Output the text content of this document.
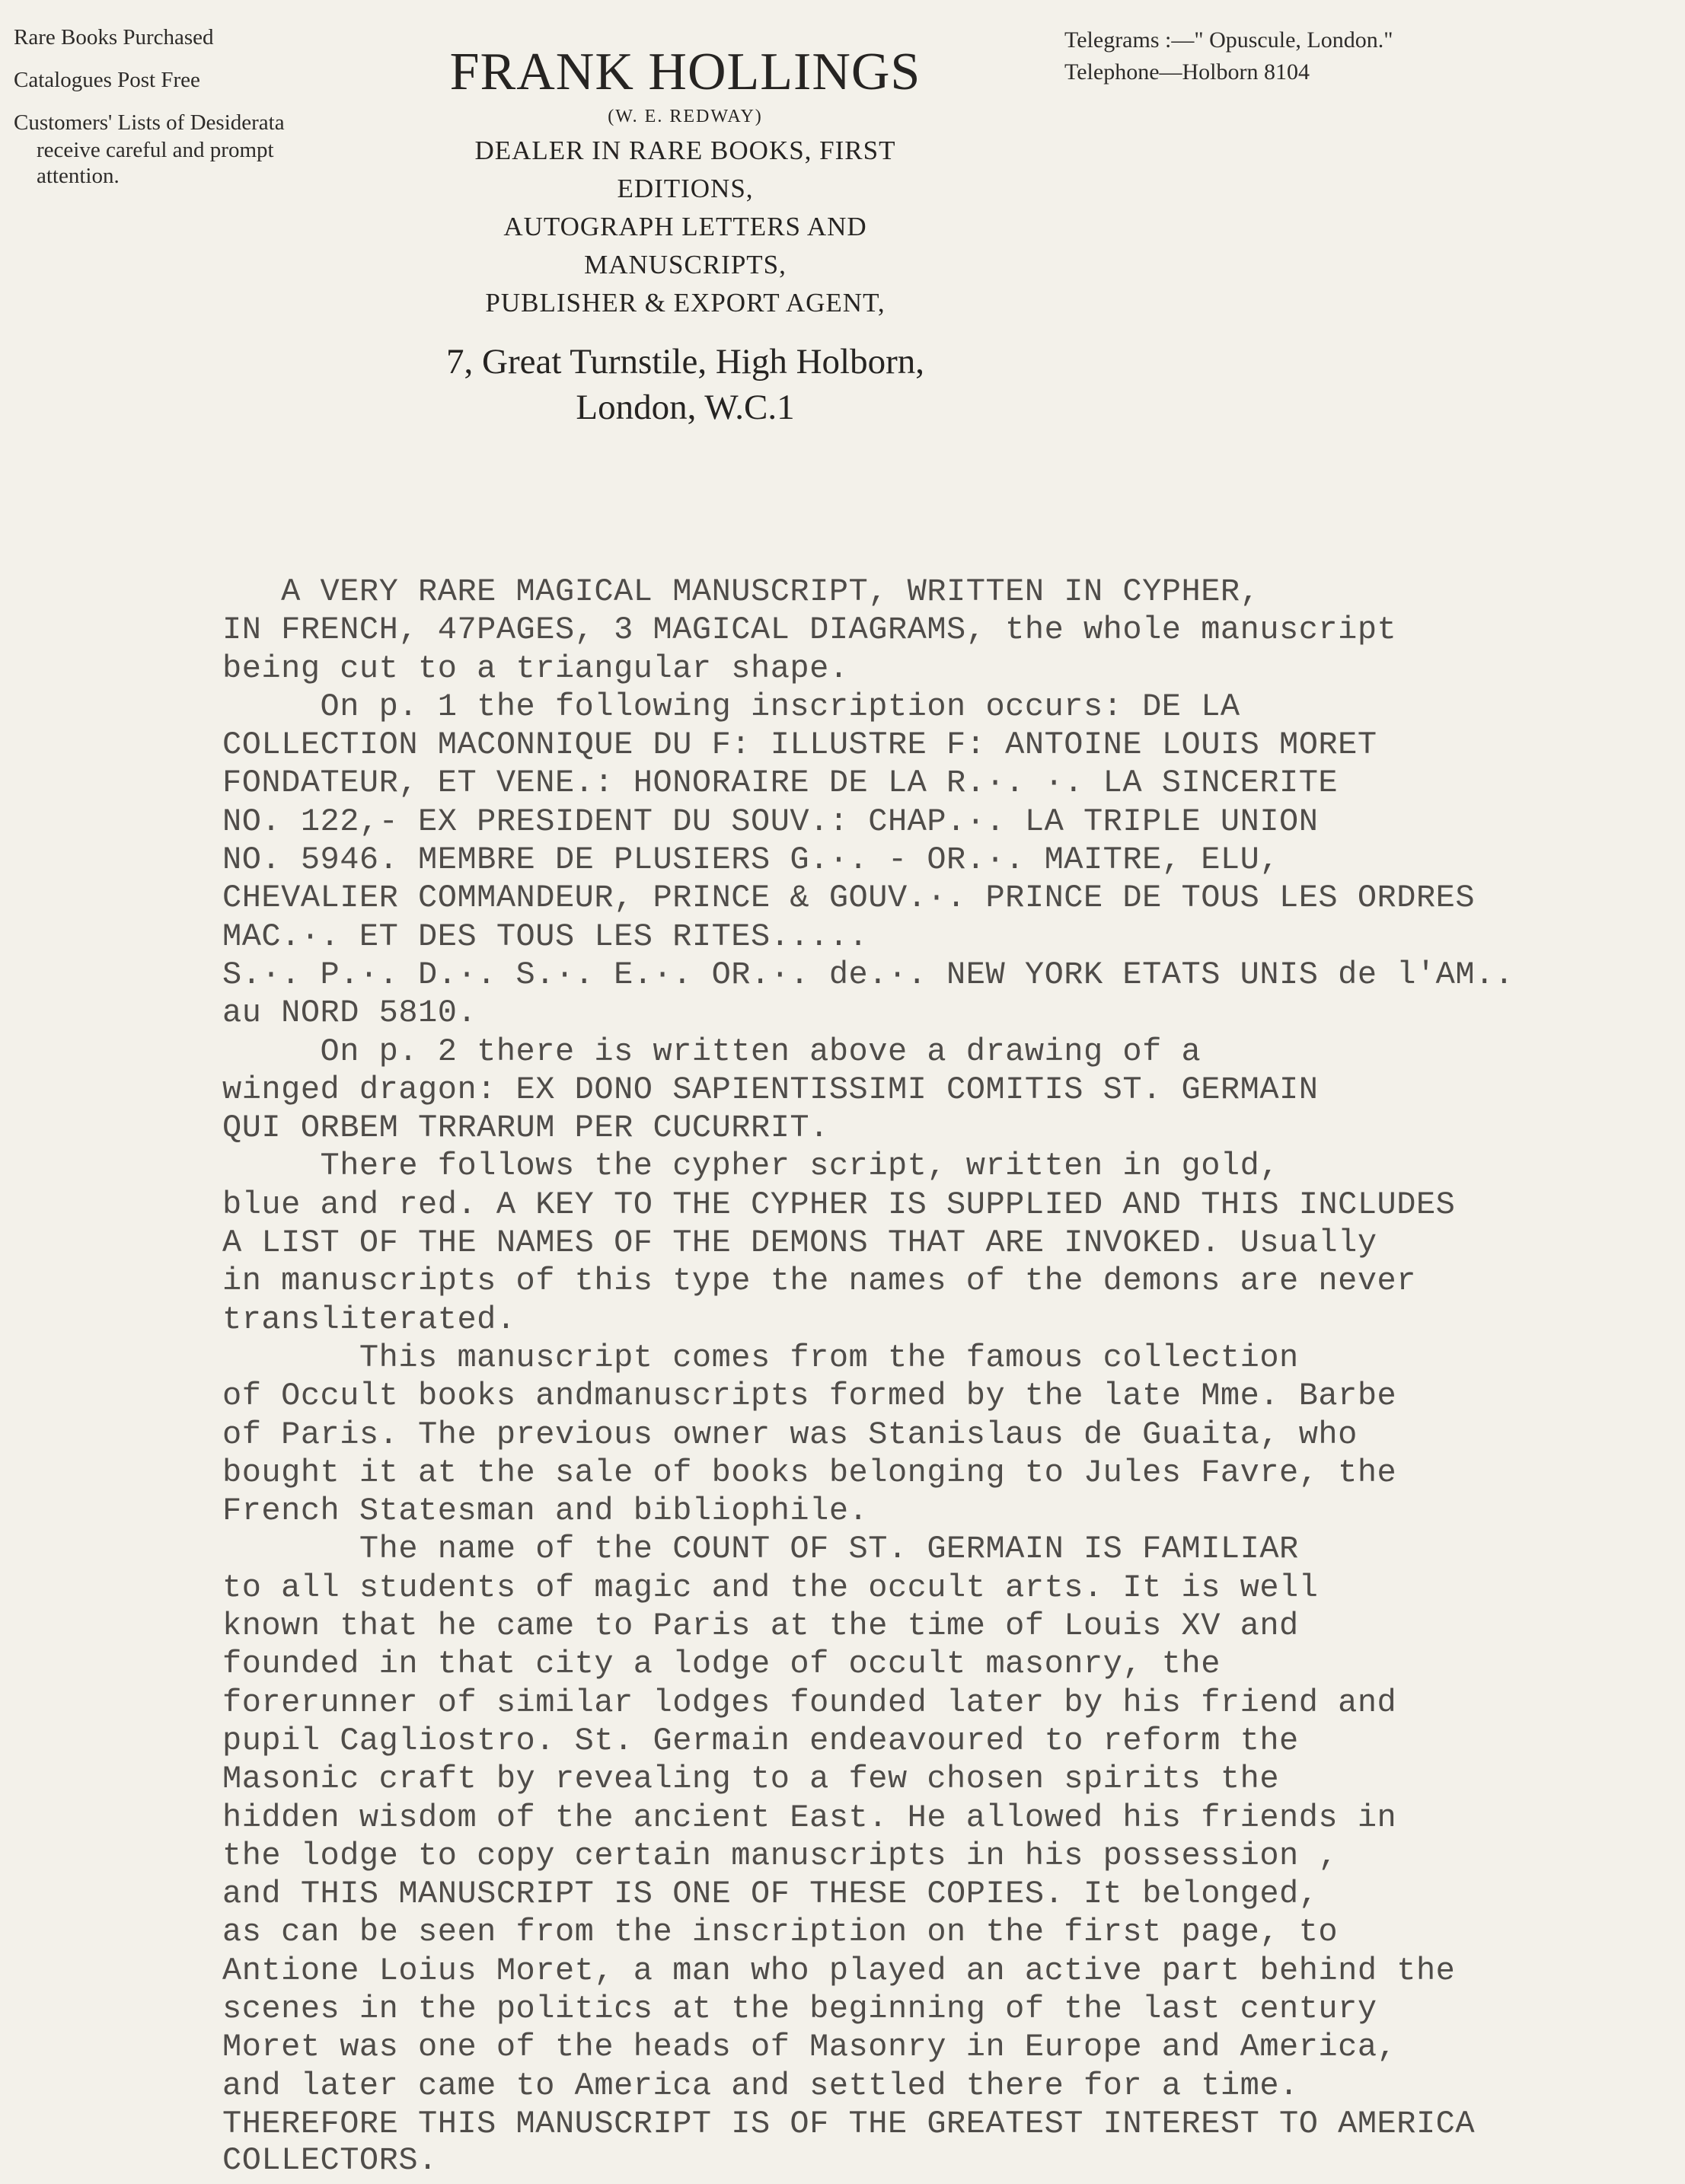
Rare Books Purchased
Catalogues Post Free
Customers' Lists of Desiderata
receive careful and prompt
attention.
FRANK HOLLINGS
(W. E. REDWAY)
DEALER IN RARE BOOKS, FIRST EDITIONS,
AUTOGRAPH LETTERS AND MANUSCRIPTS,
PUBLISHER & EXPORT AGENT,
7, Great Turnstile, High Holborn,
London, W.C.1
Telegrams :—" Opuscule, London."
Telephone—Holborn 8104
A VERY RARE MAGICAL MANUSCRIPT, WRITTEN IN CYPHER,
IN FRENCH, 47PAGES, 3 MAGICAL DIAGRAMS, the whole manuscript
being cut to a triangular shape.
On p. 1 the following inscription occurs: DE LA
COLLECTION MACONNIQUE DU F: ILLUSTRE F: ANTOINE LOUIS MORET
FONDATEUR, ET VENE.: HONORAIRE DE LA R.·. ·. LA SINCERITE
NO. 122,- EX PRESIDENT DU SOUV.: CHAP.·. LA TRIPLE UNION
NO. 5946. MEMBRE DE PLUSIERS G.·. - OR.·. MAITRE, ELU,
CHEVALIER COMMANDEUR, PRINCE & GOUV.·. PRINCE DE TOUS LES ORDRES
MAC.·. ET DES TOUS LES RITES.....
S.·. P.·. D.·. S.·. E.·. OR.·. de.·. NEW YORK ETATS UNIS de l'AM..
au NORD 5810.
On p. 2 there is written above a drawing of a
winged dragon: EX DONO SAPIENTISSIMI COMITIS ST. GERMAIN
QUI ORBEM TRRARUM PER CUCURRIT.
There follows the cypher script, written in gold,
blue and red. A KEY TO THE CYPHER IS SUPPLIED AND THIS INCLUDES
A LIST OF THE NAMES OF THE DEMONS THAT ARE INVOKED. Usually
in manuscripts of this type the names of the demons are never
transliterated.
This manuscript comes from the famous collection
of Occult books andmanuscripts formed by the late Mme. Barbe
of Paris. The previous owner was Stanislaus de Guaita, who
bought it at the sale of books belonging to Jules Favre, the
French Statesman and bibliophile.
The name of the COUNT OF ST. GERMAIN IS FAMILIAR
to all students of magic and the occult arts. It is well
known that he came to Paris at the time of Louis XV and
founded in that city a lodge of occult masonry, the
forerunner of similar lodges founded later by his friend and
pupil Cagliostro. St. Germain endeavoured to reform the
Masonic craft by revealing to a few chosen spirits the
hidden wisdom of the ancient East. He allowed his friends in
the lodge to copy certain manuscripts in his possession ,
and THIS MANUSCRIPT IS ONE OF THESE COPIES. It belonged,
as can be seen from the inscription on the first page, to
Antione Loius Moret, a man who played an active part behind the
scenes in the politics at the beginning of the last century
Moret was one of the heads of Masonry in Europe and America,
and later came to America and settled there for a time.
THEREFORE THIS MANUSCRIPT IS OF THE GREATEST INTEREST TO AMERICA
COLLECTORS.
